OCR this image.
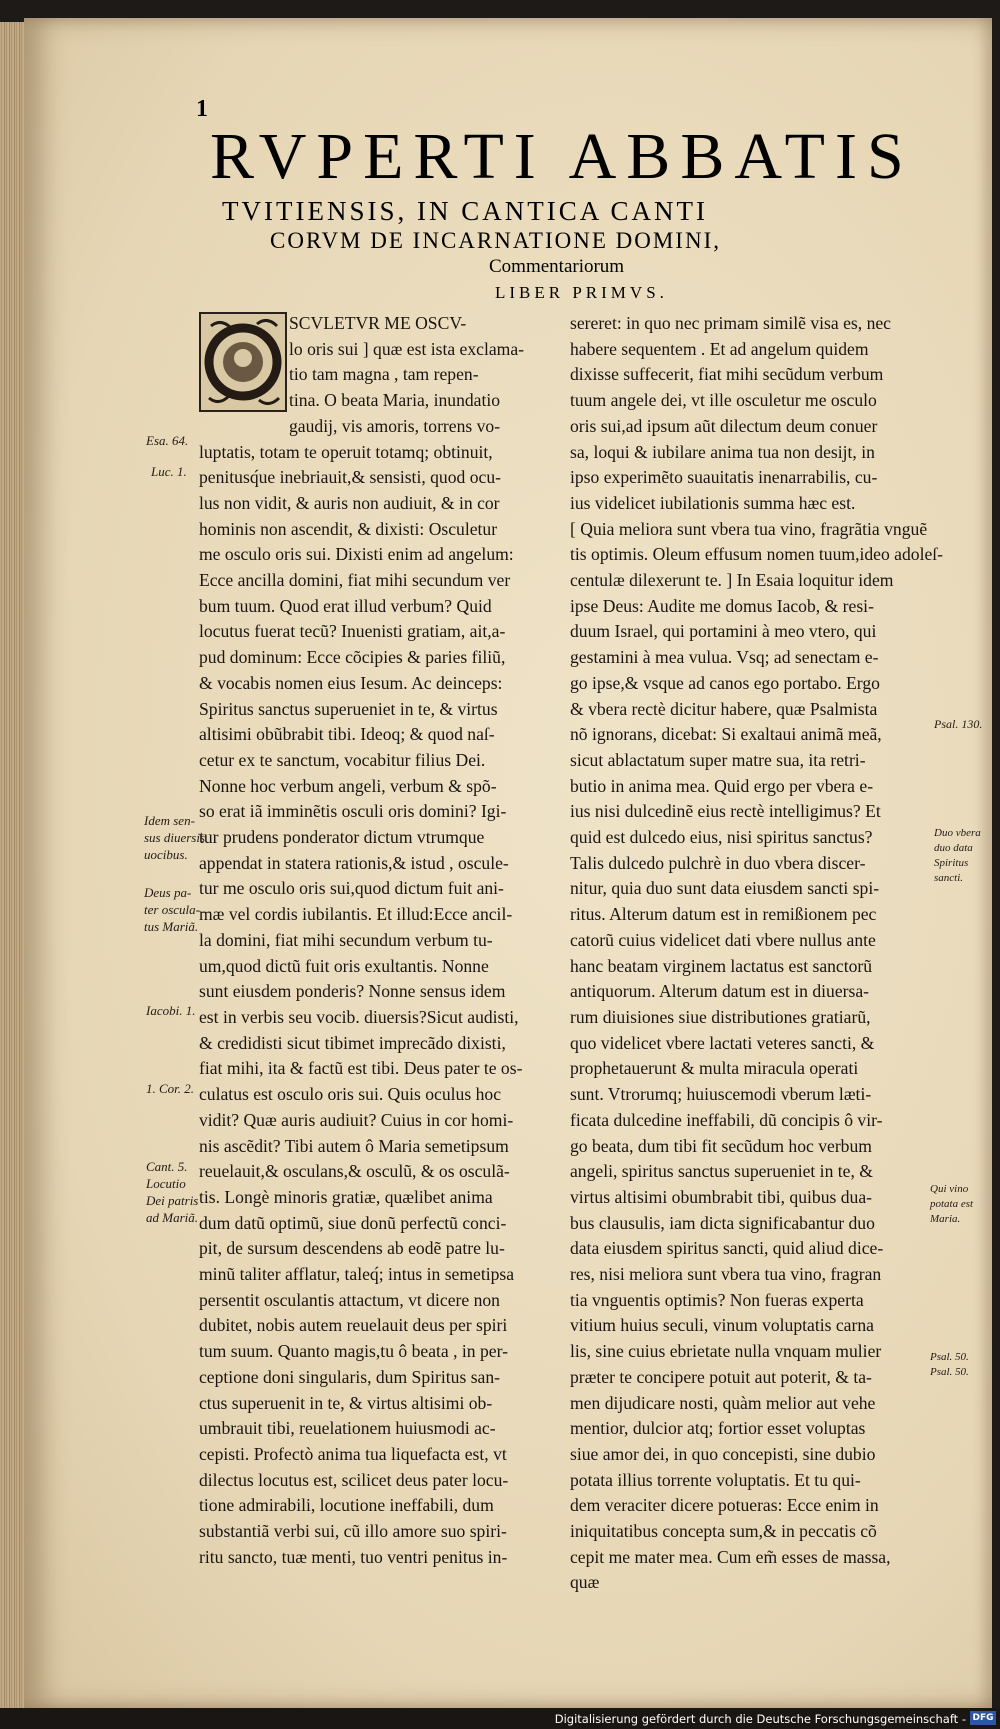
1
RVPERTI ABBATIS
TVITIENSIS, IN CANTICA CANTI
CORVM DE INCARNATIONE DOMINI,
Commentariorum
LIBER PRIMVS.
SCVLETVR ME OSCV-
lo oris sui ] quæ est ista exclama-
tio tam magna , tam repen-
tina. O beata Maria, inundatio
gaudij, vis amoris, torrens vo-
luptatis, totam te operuit totamq; obtinuit,
penitusq́ue inebriauit,& sensisti, quod ocu-
lus non vidit, & auris non audiuit, & in cor
hominis non ascendit, & dixisti: Osculetur
me osculo oris sui. Dixisti enim ad angelum:
Ecce ancilla domini, fiat mihi secundum ver
bum tuum. Quod erat illud verbum? Quid
locutus fuerat tecũ? Inuenisti gratiam, ait,a-
pud dominum: Ecce cõcipies & paries filiũ,
& vocabis nomen eius Iesum. Ac deinceps:
Spiritus sanctus superueniet in te, & virtus
altisimi obũbrabit tibi. Ideoq; & quod naſ-
cetur ex te sanctum, vocabitur filius Dei.
Nonne hoc verbum angeli, verbum & spõ-
so erat iã imminẽtis osculi oris domini? Igi-
tur prudens ponderator dictum vtrumque
appendat in statera rationis,& istud , oscule-
tur me osculo oris sui,quod dictum fuit ani-
mæ vel cordis iubilantis. Et illud:Ecce ancil-
la domini, fiat mihi secundum verbum tu-
um,quod dictũ fuit oris exultantis. Nonne
sunt eiusdem ponderis? Nonne sensus idem
est in verbis seu vocib. diuersis?Sicut audisti,
& credidisti sicut tibimet imprecãdo dixisti,
fiat mihi, ita & factũ est tibi. Deus pater te os-
culatus est osculo oris sui. Quis oculus hoc
vidit? Quæ auris audiuit? Cuius in cor homi-
nis ascẽdit? Tibi autem ô Maria semetipsum
reuelauit,& osculans,& osculũ, & os osculã-
tis. Longè minoris gratiæ, quælibet anima
dum datũ optimũ, siue donũ perfectũ conci-
pit, de sursum descendens ab eodẽ patre lu-
minũ taliter afflatur, taleq́; intus in semetipsa
persentit osculantis attactum, vt dicere non
dubitet, nobis autem reuelauit deus per spiri
tum suum. Quanto magis,tu ô beata , in per-
ceptione doni singularis, dum Spiritus san-
ctus superuenit in te, & virtus altisimi ob-
umbrauit tibi, reuelationem huiusmodi ac-
cepisti. Profectò anima tua liquefacta est, vt
dilectus locutus est, scilicet deus pater locu-
tione admirabili, locutione ineffabili, dum
substantiã verbi sui, cũ illo amore suo spiri-
ritu sancto, tuæ menti, tuo ventri penitus in-
sereret: in quo nec primam similẽ visa es, nec
habere sequentem . Et ad angelum quidem
dixisse suffecerit, fiat mihi secũdum verbum
tuum angele dei, vt ille osculetur me osculo
oris sui,ad ipsum aũt dilectum deum conuer
sa, loqui & iubilare anima tua non desijt, in
ipso experimẽto suauitatis inenarrabilis, cu-
ius videlicet iubilationis summa hæc est.
[ Quia meliora sunt vbera tua vino, fragrãtia vnguẽ
tis optimis. Oleum effusum nomen tuum,ideo adoleſ-
centulæ dilexerunt te. ] In Esaia loquitur idem
ipse Deus: Audite me domus Iacob, & resi-
duum Israel, qui portamini à meo vtero, qui
gestamini à mea vulua. Vsq; ad senectam e-
go ipse,& vsque ad canos ego portabo. Ergo
& vbera rectè dicitur habere, quæ Psalmista
nõ ignorans, dicebat: Si exaltaui animã meã,
sicut ablactatum super matre sua, ita retri-
butio in anima mea. Quid ergo per vbera e-
ius nisi dulcedinẽ eius rectè intelligimus? Et
quid est dulcedo eius, nisi spiritus sanctus?
Talis dulcedo pulchrè in duo vbera discer-
nitur, quia duo sunt data eiusdem sancti spi-
ritus. Alterum datum est in remißionem pec
catorũ cuius videlicet dati vbere nullus ante
hanc beatam virginem lactatus est sanctorũ
antiquorum. Alterum datum est in diuersa-
rum diuisiones siue distributiones gratiarũ,
quo videlicet vbere lactati veteres sancti, &
prophetauerunt & multa miracula operati
sunt. Vtrorumq; huiuscemodi vberum læti-
ficata dulcedine ineffabili, dũ concipis ô vir-
go beata, dum tibi fit secũdum hoc verbum
angeli, spiritus sanctus superueniet in te, &
virtus altisimi obumbrabit tibi, quibus dua-
bus clausulis, iam dicta significabantur duo
data eiusdem spiritus sancti, quid aliud dice-
res, nisi meliora sunt vbera tua vino, fragran
tia vnguentis optimis? Non fueras experta
vitium huius seculi, vinum voluptatis carna
lis, sine cuius ebrietate nulla vnquam mulier
præter te concipere potuit aut poterit, & ta-
men dijudicare nosti, quàm melior aut vehe
mentior, dulcior atq; fortior esset voluptas
siue amor dei, in quo concepisti, sine dubio
potata illius torrente voluptatis. Et tu qui-
dem veraciter dicere potueras: Ecce enim in
iniquitatibus concepta sum,& in peccatis cõ
cepit me mater mea. Cum em̃ esses de massa,
quæ
Esa. 64.
Luc. 1.
Idem sen-
sus diuersis
uocibus.
Deus pa-
ter oscula-
tus Mariã.
Iacobi. 1.
1. Cor. 2.
Cant. 5.
Locutio
Dei patris
ad Mariã.
Psal. 130.
Duo vbera
duo data
Spiritus
sancti.
Qui vino
potata est
Maria.
Psal. 50.
Psal. 50.
Digitalisierung gefördert durch die Deutsche Forschungsgemeinschaft - DFG
